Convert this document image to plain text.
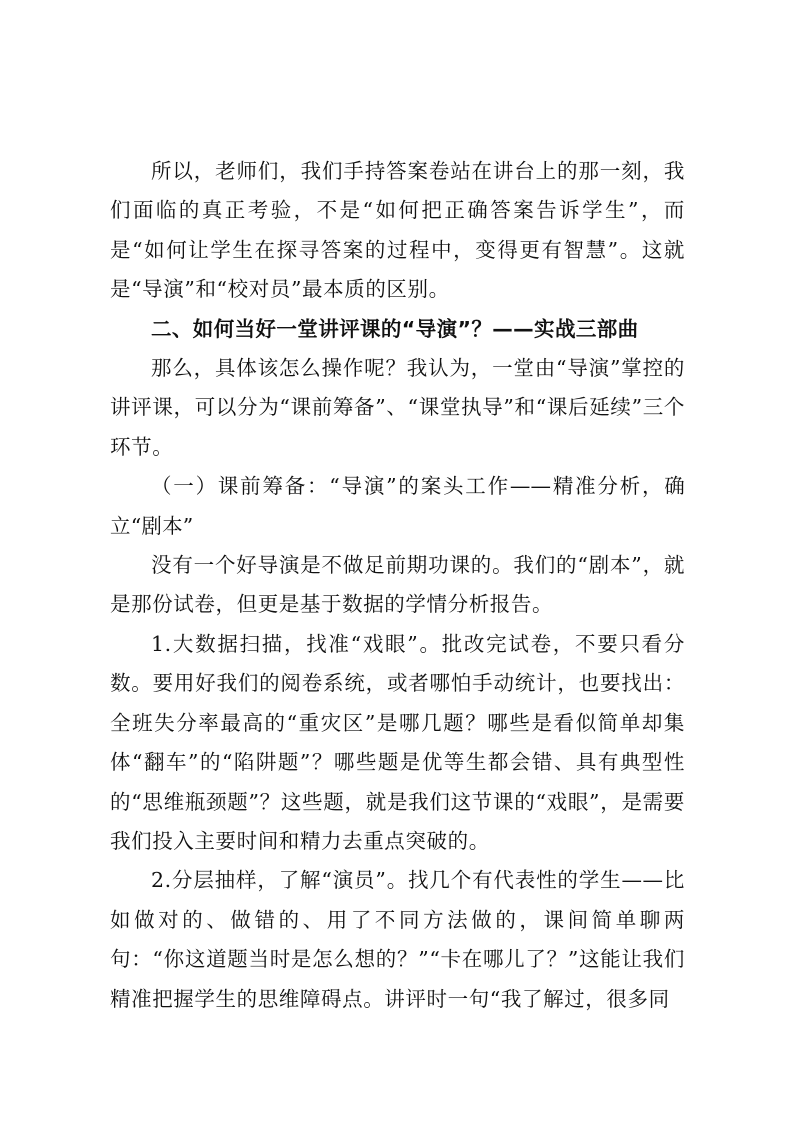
所以，老师们，我们手持答案卷站在讲台上的那一刻，我们面临的真正考验，不是“如何把正确答案告诉学生”，而是“如何让学生在探寻答案的过程中，变得更有智慧”。这就是“导演”和“校对员”最本质的区别。

二、如何当好一堂讲评课的“导演”？——实战三部曲

那么，具体该怎么操作呢？我认为，一堂由“导演”掌控的讲评课，可以分为“课前筹备”、“课堂执导”和“课后延续”三个环节。

（一）课前筹备：“导演”的案头工作——精准分析，确立“剧本”

没有一个好导演是不做足前期功课的。我们的“剧本”，就是那份试卷，但更是基于数据的学情分析报告。

1.大数据扫描，找准“戏眼”。批改完试卷，不要只看分数。要用好我们的阅卷系统，或者哪怕手动统计，也要找出：全班失分率最高的“重灾区”是哪几题？哪些是看似简单却集体“翻车”的“陷阱题”？哪些题是优等生都会错、具有典型性的“思维瓶颈题”？这些题，就是我们这节课的“戏眼”，是需要我们投入主要时间和精力去重点突破的。

2.分层抽样，了解“演员”。找几个有代表性的学生——比如做对的、做错的、用了不同方法做的，课间简单聊两句：“你这道题当时是怎么想的？”“卡在哪儿了？”这能让我们精准把握学生的思维障碍点。讲评时一句“我了解过，很多同
